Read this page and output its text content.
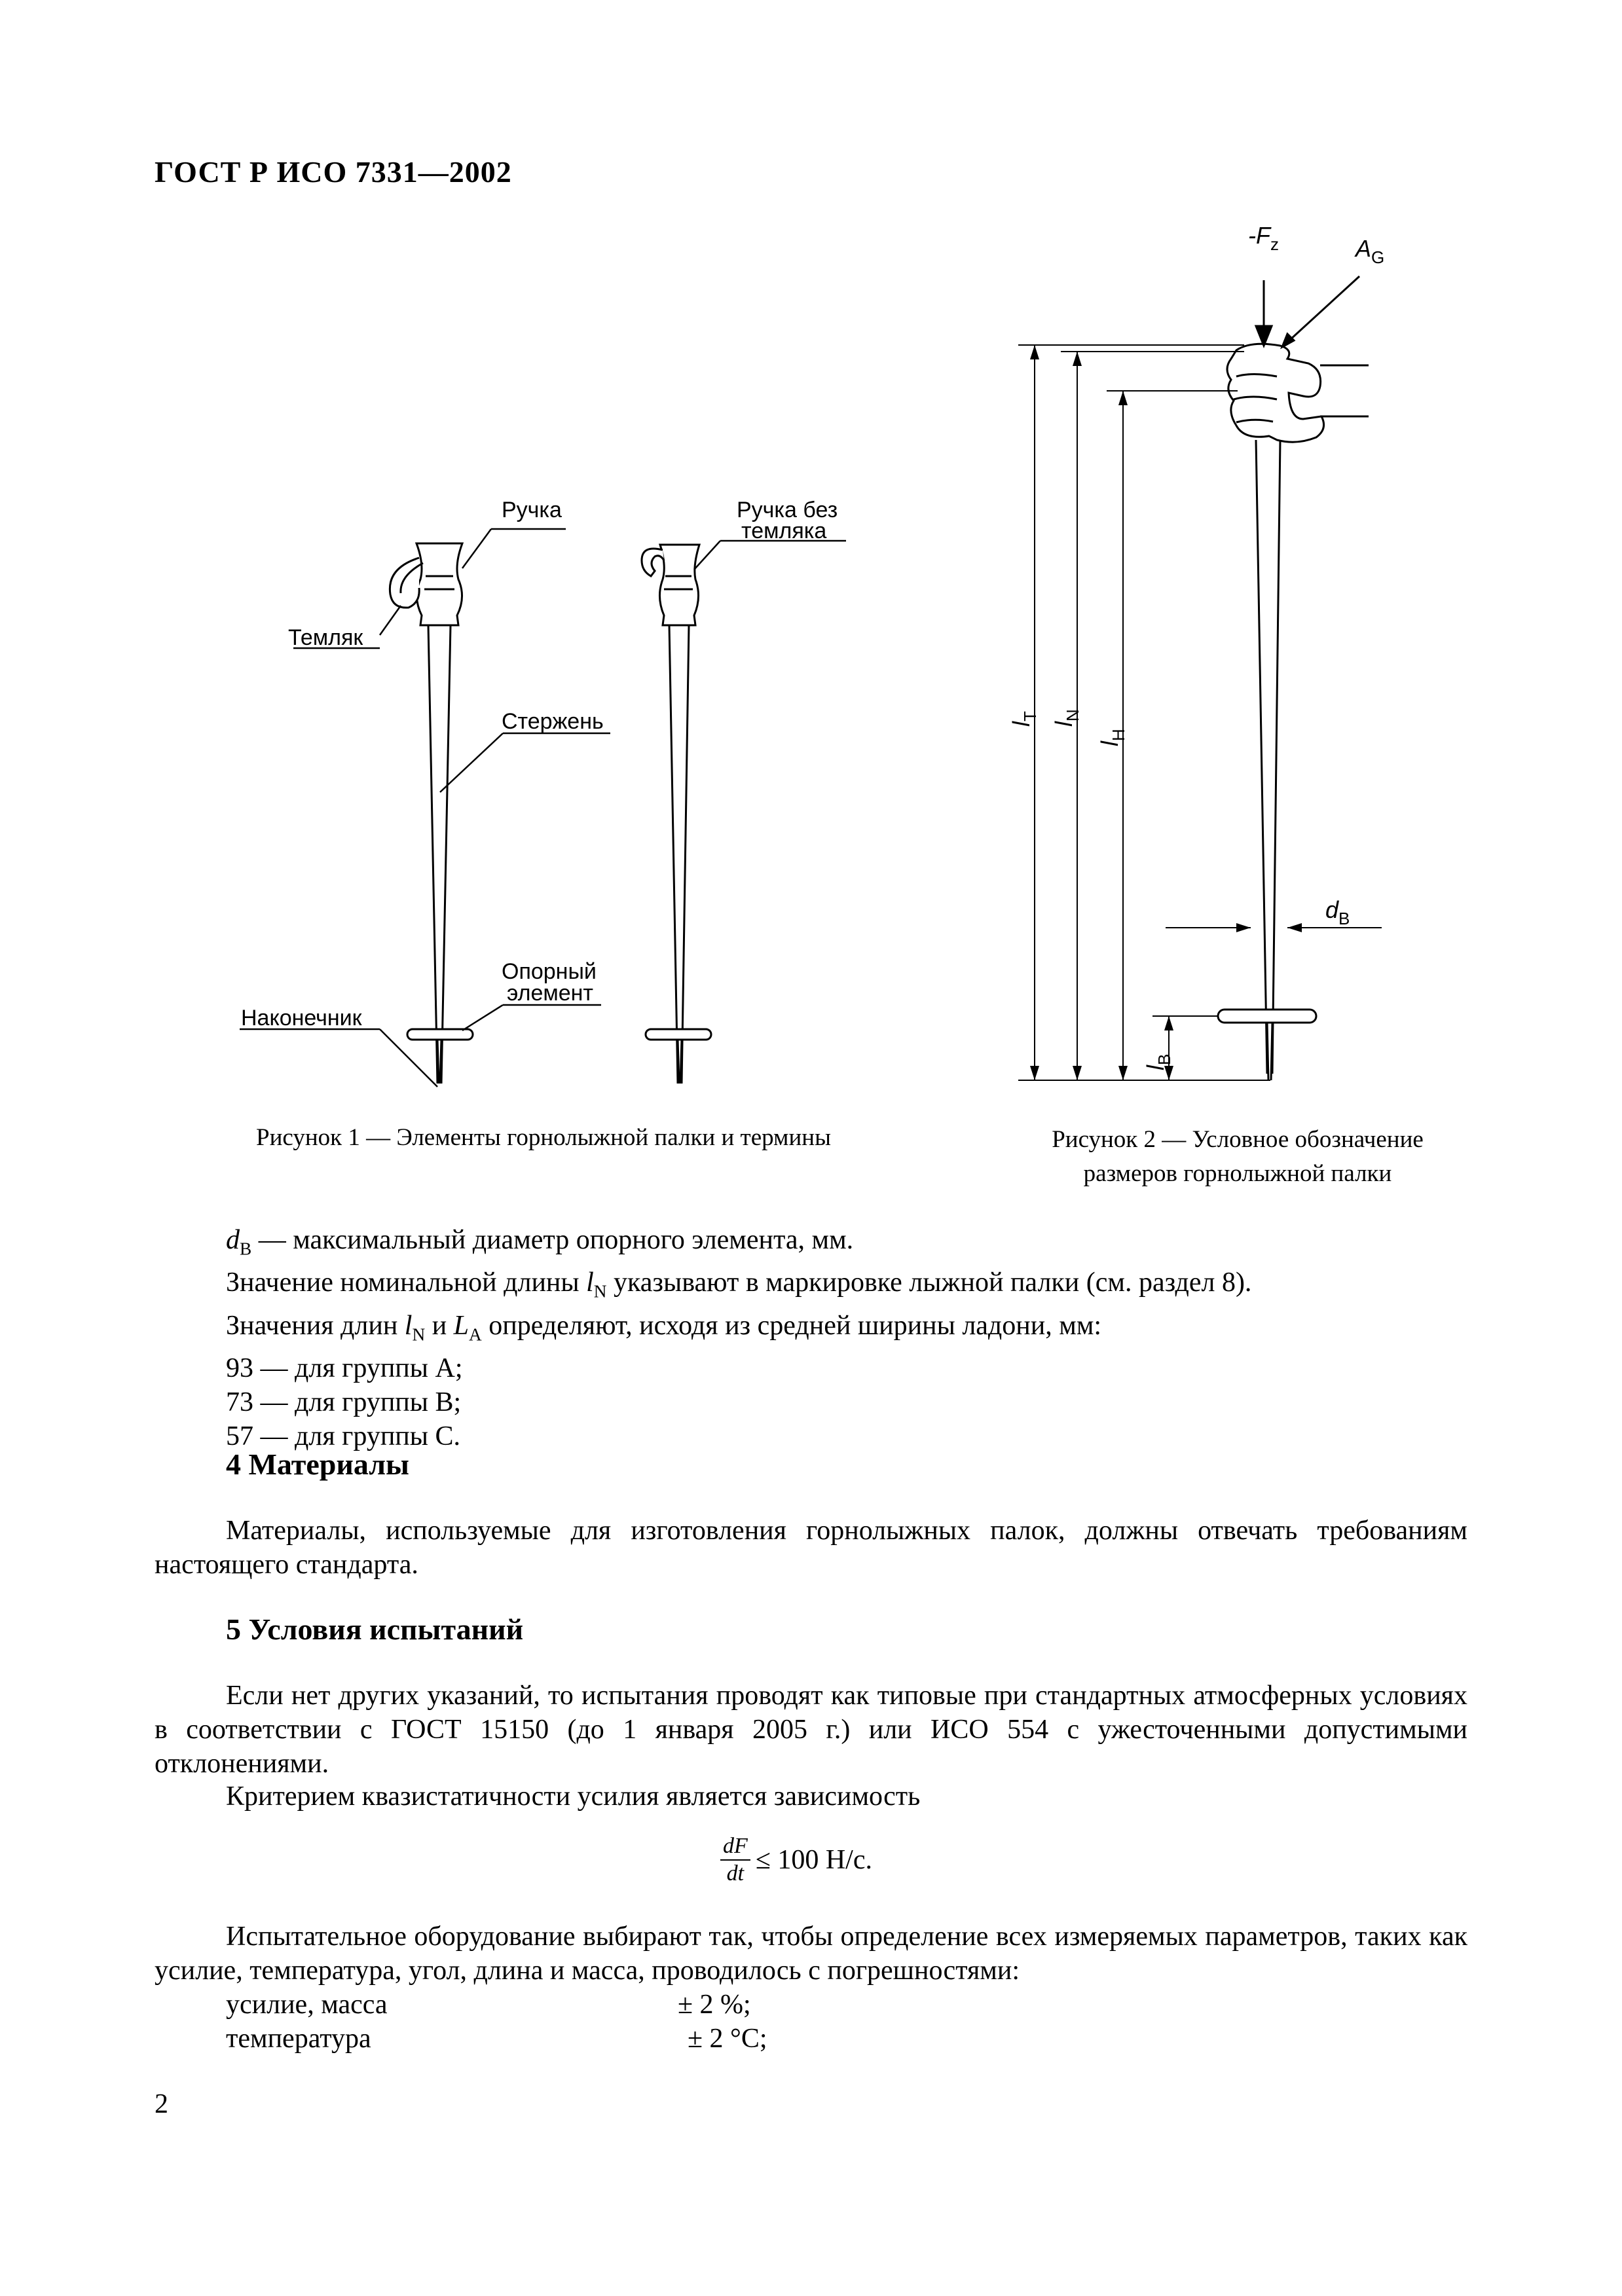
ГОСТ Р ИСО 7331—2002
Ручка
Темляк
Ручка без
темляка
Стержень
Опорный
элемент
Наконечник
$-F_z$	$A_G$
$l_T$
$l_N$
$l_H$
$d_B$
$l_B$
Рисунок 1 — Элементы горнолыжной палки и термины	Рисунок 2 — Условное обозначение
размеров горнолыжной палки
$d_B$ — максимальный диаметр опорного элемента, мм.
Значение номинальной длины $l_N$ указывают в маркировке лыжной палки (см. раздел 8).
Значения длин $l_N$ и $L_A$ определяют, исходя из средней ширины ладони, мм:
93 — для группы А;
73 — для группы В;
57 — для группы С.
4 Материалы
Материалы, используемые для изготовления горнолыжных палок, должны отвечать требованиям настоящего стандарта.
5 Условия испытаний
Если нет других указаний, то испытания проводят как типовые при стандартных атмосферных условиях в соответствии с ГОСТ 15150 (до 1 января 2005 г.) или ИСО 554 с ужесточенными допустимыми отклонениями.
Критерием квазистатичности усилия является зависимость
$\frac{dF}{dt} \le 100$ Н/с.
Испытательное оборудование выбирают так, чтобы определение всех измеряемых параметров, таких как усилие, температура, угол, длина и масса, проводилось с погрешностями:
усилие, масса	± 2 %;
температура	± 2 °С;
2
